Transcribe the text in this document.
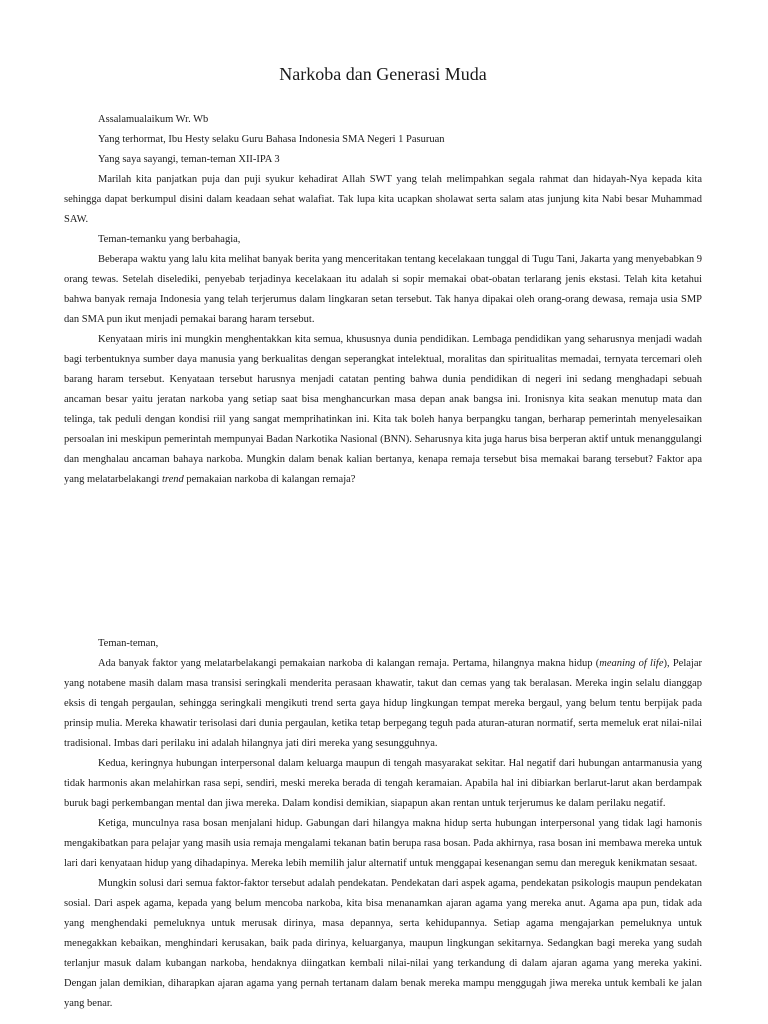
Narkoba dan Generasi Muda

Assalamualaikum Wr. Wb

Yang terhormat, Ibu Hesty selaku Guru Bahasa Indonesia SMA Negeri 1 Pasuruan

Yang saya sayangi, teman-teman XII-IPA 3

Marilah kita panjatkan puja dan puji syukur kehadirat Allah SWT yang telah melimpahkan segala rahmat dan hidayah-Nya kepada kita sehingga dapat berkumpul disini dalam keadaan sehat walafiat. Tak lupa kita ucapkan sholawat serta salam atas junjung kita Nabi besar Muhammad SAW.

Teman-temanku yang berbahagia,

Beberapa waktu yang lalu kita melihat banyak berita yang menceritakan tentang kecelakaan tunggal di Tugu Tani, Jakarta yang menyebabkan 9 orang tewas. Setelah diselediki, penyebab terjadinya kecelakaan itu adalah si sopir memakai obat-obatan terlarang jenis ekstasi. Telah kita ketahui bahwa banyak remaja Indonesia yang telah terjerumus dalam lingkaran setan tersebut. Tak hanya dipakai oleh orang-orang dewasa, remaja usia SMP dan SMA pun ikut menjadi pemakai barang haram tersebut.

Kenyataan miris ini mungkin menghentakkan kita semua, khususnya dunia pendidikan. Lembaga pendidikan yang seharusnya menjadi wadah bagi terbentuknya sumber daya manusia yang berkualitas dengan seperangkat intelektual, moralitas dan spiritualitas memadai, ternyata tercemari oleh barang haram tersebut. Kenyataan tersebut harusnya menjadi catatan penting bahwa dunia pendidikan di negeri ini sedang menghadapi sebuah ancaman besar yaitu jeratan narkoba yang setiap saat bisa menghancurkan masa depan anak bangsa ini. Ironisnya kita seakan menutup mata dan telinga, tak peduli dengan kondisi riil yang sangat memprihatinkan ini. Kita tak boleh hanya berpangku tangan, berharap pemerintah menyelesaikan persoalan ini meskipun pemerintah mempunyai Badan Narkotika Nasional (BNN). Seharusnya kita juga harus bisa berperan aktif untuk menanggulangi dan menghalau ancaman bahaya narkoba. Mungkin dalam benak kalian bertanya, kenapa remaja tersebut bisa memakai barang tersebut? Faktor apa yang melatarbelakangi trend pemakaian narkoba di kalangan remaja?

Teman-teman,

Ada banyak faktor yang melatarbelakangi pemakaian narkoba di kalangan remaja. Pertama, hilangnya makna hidup (meaning of life), Pelajar yang notabene masih dalam masa transisi seringkali menderita perasaan khawatir, takut dan cemas yang tak beralasan. Mereka ingin selalu dianggap eksis di tengah pergaulan, sehingga seringkali mengikuti trend serta gaya hidup lingkungan tempat mereka bergaul, yang belum tentu berpijak pada prinsip mulia. Mereka khawatir terisolasi dari dunia pergaulan, ketika tetap berpegang teguh pada aturan-aturan normatif, serta memeluk erat nilai-nilai tradisional. Imbas dari perilaku ini adalah hilangnya jati diri mereka yang sesungguhnya.

Kedua, keringnya hubungan interpersonal dalam keluarga maupun di tengah masyarakat sekitar. Hal negatif dari hubungan antarmanusia yang tidak harmonis akan melahirkan rasa sepi, sendiri, meski mereka berada di tengah keramaian. Apabila hal ini dibiarkan berlarut-larut akan berdampak buruk bagi perkembangan mental dan jiwa mereka. Dalam kondisi demikian, siapapun akan rentan untuk terjerumus ke dalam perilaku negatif.

Ketiga, munculnya rasa bosan menjalani hidup. Gabungan dari hilangya makna hidup serta hubungan interpersonal yang tidak lagi hamonis mengakibatkan para pelajar yang masih usia remaja mengalami tekanan batin berupa rasa bosan. Pada akhirnya, rasa bosan ini membawa mereka untuk lari dari kenyataan hidup yang dihadapinya. Mereka lebih memilih jalur alternatif untuk menggapai kesenangan semu dan mereguk kenikmatan sesaat.

Mungkin solusi dari semua faktor-faktor tersebut adalah pendekatan. Pendekatan dari aspek agama, pendekatan psikologis maupun pendekatan sosial. Dari aspek agama, kepada yang belum mencoba narkoba, kita bisa menanamkan ajaran agama yang mereka anut. Agama apa pun, tidak ada yang menghendaki pemeluknya untuk merusak dirinya, masa depannya, serta kehidupannya. Setiap agama mengajarkan pemeluknya untuk menegakkan kebaikan, menghindari kerusakan, baik pada dirinya, keluarganya, maupun lingkungan sekitarnya. Sedangkan bagi mereka yang sudah terlanjur masuk dalam kubangan narkoba, hendaknya diingatkan kembali nilai-nilai yang terkandung di dalam ajaran agama yang mereka yakini. Dengan jalan demikian, diharapkan ajaran agama yang pernah tertanam dalam benak mereka mampu menggugah jiwa mereka untuk kembali ke jalan yang benar.
